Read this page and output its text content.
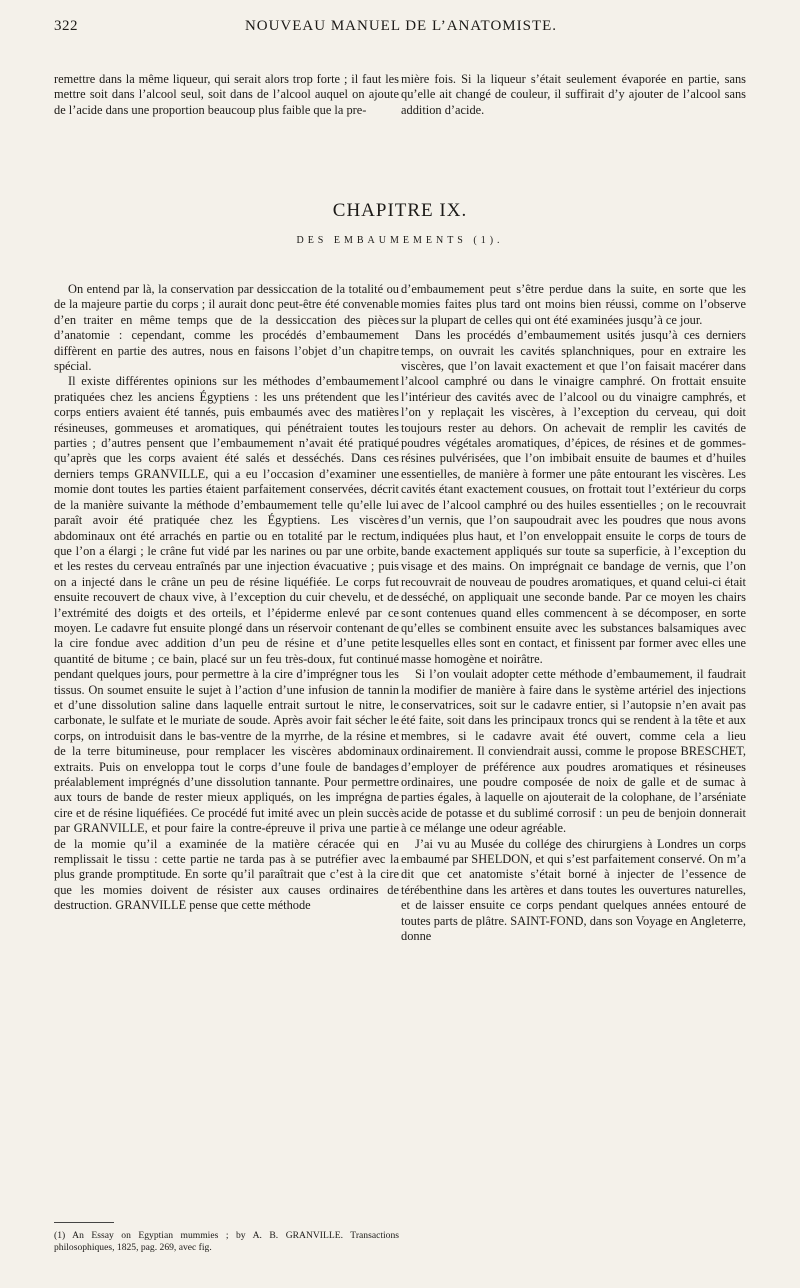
322	NOUVEAU MANUEL DE L’ANATOMISTE.

remettre dans la même liqueur, qui serait alors trop forte ; il faut les mettre soit dans l’alcool seul, soit dans de l’alcool auquel on ajoute de l’acide dans une proportion beaucoup plus faible que la pre-

mière fois. Si la liqueur s’était seulement évaporée en partie, sans qu’elle ait changé de couleur, il suffirait d’y ajouter de l’alcool sans addition d’acide.

CHAPITRE IX.
DES EMBAUMEMENTS (1).

On entend par là, la conservation par dessiccation de la totalité ou de la majeure partie du corps ; il aurait donc peut-être été convenable d’en traiter en même temps que de la dessiccation des pièces d’anatomie : cependant, comme les procédés d’embaumement diffèrent en partie des autres, nous en faisons l’objet d’un chapitre spécial.

Il existe différentes opinions sur les méthodes d’embaumement pratiquées chez les anciens Égyptiens : les uns prétendent que les corps entiers avaient été tannés, puis embaumés avec des matières résineuses, gommeuses et aromatiques, qui pénétraient toutes les parties ; d’autres pensent que l’embaumement n’avait été pratiqué qu’après que les corps avaient été salés et desséchés. Dans ces derniers temps GRANVILLE, qui a eu l’occasion d’examiner une momie dont toutes les parties étaient parfaitement conservées, décrit de la manière suivante la méthode d’embaumement telle qu’elle lui paraît avoir été pratiquée chez les Égyptiens. Les viscères abdominaux ont été arrachés en partie ou en totalité par le rectum, que l’on a élargi ; le crâne fut vidé par les narines ou par une orbite, et les restes du cerveau entraînés par une injection évacuative ; puis on a injecté dans le crâne un peu de résine liquéfiée. Le corps fut ensuite recouvert de chaux vive, à l’exception du cuir chevelu, et de l’extrémité des doigts et des orteils, et l’épiderme enlevé par ce moyen. Le cadavre fut ensuite plongé dans un réservoir contenant de la cire fondue avec addition d’un peu de résine et d’une petite quantité de bitume ; ce bain, placé sur un feu très-doux, fut continué pendant quelques jours, pour permettre à la cire d’imprégner tous les tissus. On soumet ensuite le sujet à l’action d’une infusion de tannin et d’une dissolution saline dans laquelle entrait surtout le nitre, le carbonate, le sulfate et le muriate de soude. Après avoir fait sécher le corps, on introduisit dans le bas-ventre de la myrrhe, de la résine et de la terre bitumineuse, pour remplacer les viscères abdominaux extraits. Puis on enveloppa tout le corps d’une foule de bandages préalablement imprégnés d’une dissolution tannante. Pour permettre aux tours de bande de rester mieux appliqués, on les imprégna de cire et de résine liquéfiées. Ce procédé fut imité avec un plein succès par GRANVILLE, et pour faire la contre-épreuve il priva une partie de la momie qu’il a examinée de la matière céracée qui en remplissait le tissu : cette partie ne tarda pas à se putréfier avec la plus grande promptitude. En sorte qu’il paraîtrait que c’est à la cire que les momies doivent de résister aux causes ordinaires de destruction. GRANVILLE pense que cette méthode

d’embaumement peut s’être perdue dans la suite, en sorte que les momies faites plus tard ont moins bien réussi, comme on l’observe sur la plupart de celles qui ont été examinées jusqu’à ce jour.

Dans les procédés d’embaumement usités jusqu’à ces derniers temps, on ouvrait les cavités splanchniques, pour en extraire les viscères, que l’on lavait exactement et que l’on faisait macérer dans l’alcool camphré ou dans le vinaigre camphré. On frottait ensuite l’intérieur des cavités avec de l’alcool ou du vinaigre camphrés, et l’on y replaçait les viscères, à l’exception du cerveau, qui doit toujours rester au dehors. On achevait de remplir les cavités de poudres végétales aromatiques, d’épices, de résines et de gommes-résines pulvérisées, que l’on imbibait ensuite de baumes et d’huiles essentielles, de manière à former une pâte entourant les viscères. Les cavités étant exactement cousues, on frottait tout l’extérieur du corps avec de l’alcool camphré ou des huiles essentielles ; on le recouvrait d’un vernis, que l’on saupoudrait avec les poudres que nous avons indiquées plus haut, et l’on enveloppait ensuite le corps de tours de bande exactement appliqués sur toute sa superficie, à l’exception du visage et des mains. On imprégnait ce bandage de vernis, que l’on recouvrait de nouveau de poudres aromatiques, et quand celui-ci était desséché, on appliquait une seconde bande. Par ce moyen les chairs sont contenues quand elles commencent à se décomposer, en sorte qu’elles se combinent ensuite avec les substances balsamiques avec lesquelles elles sont en contact, et finissent par former avec elles une masse homogène et noirâtre.

Si l’on voulait adopter cette méthode d’embaumement, il faudrait la modifier de manière à faire dans le système artériel des injections conservatrices, soit sur le cadavre entier, si l’autopsie n’en avait pas été faite, soit dans les principaux troncs qui se rendent à la tête et aux membres, si le cadavre avait été ouvert, comme cela a lieu ordinairement. Il conviendrait aussi, comme le propose BRESCHET, d’employer de préférence aux poudres aromatiques et résineuses ordinaires, une poudre composée de noix de galle et de sumac à parties égales, à laquelle on ajouterait de la colophane, de l’arséniate acide de potasse et du sublimé corrosif : un peu de benjoin donnerait à ce mélange une odeur agréable.

J’ai vu au Musée du collége des chirurgiens à Londres un corps embaumé par SHELDON, et qui s’est parfaitement conservé. On m’a dit que cet anatomiste s’était borné à injecter de l’essence de térébenthine dans les artères et dans toutes les ouvertures naturelles, et de laisser ensuite ce corps pendant quelques années entouré de toutes parts de plâtre. SAINT-FOND, dans son Voyage en Angleterre, donne

(1) An Essay on Egyptian mummies ; by A. B. GRANVILLE. Transactions philosophiques, 1825, pag. 269, avec fig.
